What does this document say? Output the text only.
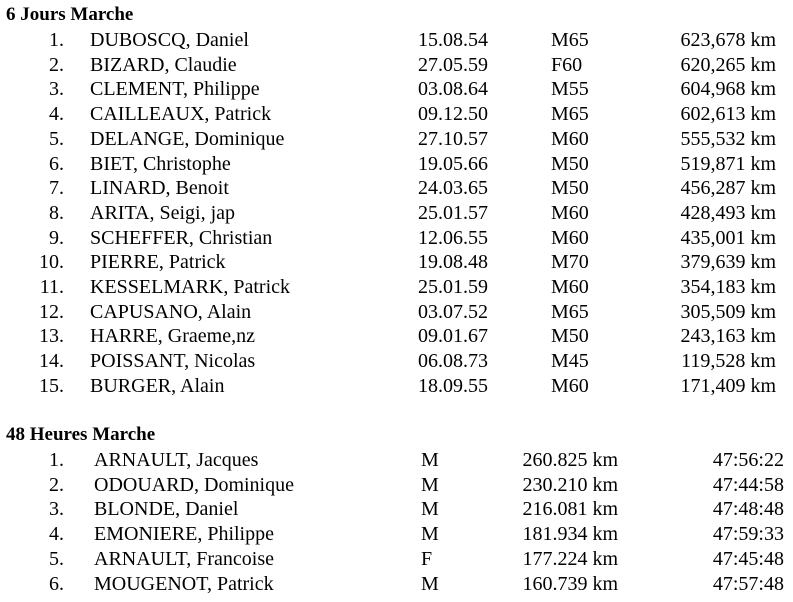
6 Jours Marche
1. DUBOSCQ, Daniel	15.08.54	M65	623,678 km
2. BIZARD, Claudie	27.05.59	F60	620,265 km
3. CLEMENT, Philippe	03.08.64	M55	604,968 km
4. CAILLEAUX, Patrick	09.12.50	M65	602,613 km
5. DELANGE, Dominique	27.10.57	M60	555,532 km
6. BIET, Christophe	19.05.66	M50	519,871 km
7. LINARD, Benoit	24.03.65	M50	456,287 km
8. ARITA, Seigi, jap	25.01.57	M60	428,493 km
9. SCHEFFER, Christian	12.06.55	M60	435,001 km
10. PIERRE, Patrick	19.08.48	M70	379,639 km
11. KESSELMARK, Patrick	25.01.59	M60	354,183 km
12. CAPUSANO, Alain	03.07.52	M65	305,509 km
13. HARRE, Graeme,nz	09.01.67	M50	243,163 km
14. POISSANT, Nicolas	06.08.73	M45	119,528 km
15. BURGER, Alain	18.09.55	M60	171,409 km
48 Heures Marche
1. ARNAULT, Jacques	M	260.825 km	47:56:22
2. ODOUARD, Dominique	M	230.210 km	47:44:58
3. BLONDE, Daniel	M	216.081 km	47:48:48
4. EMONIERE, Philippe	M	181.934 km	47:59:33
5. ARNAULT, Francoise	F	177.224 km	47:45:48
6. MOUGENOT, Patrick	M	160.739 km	47:57:48
